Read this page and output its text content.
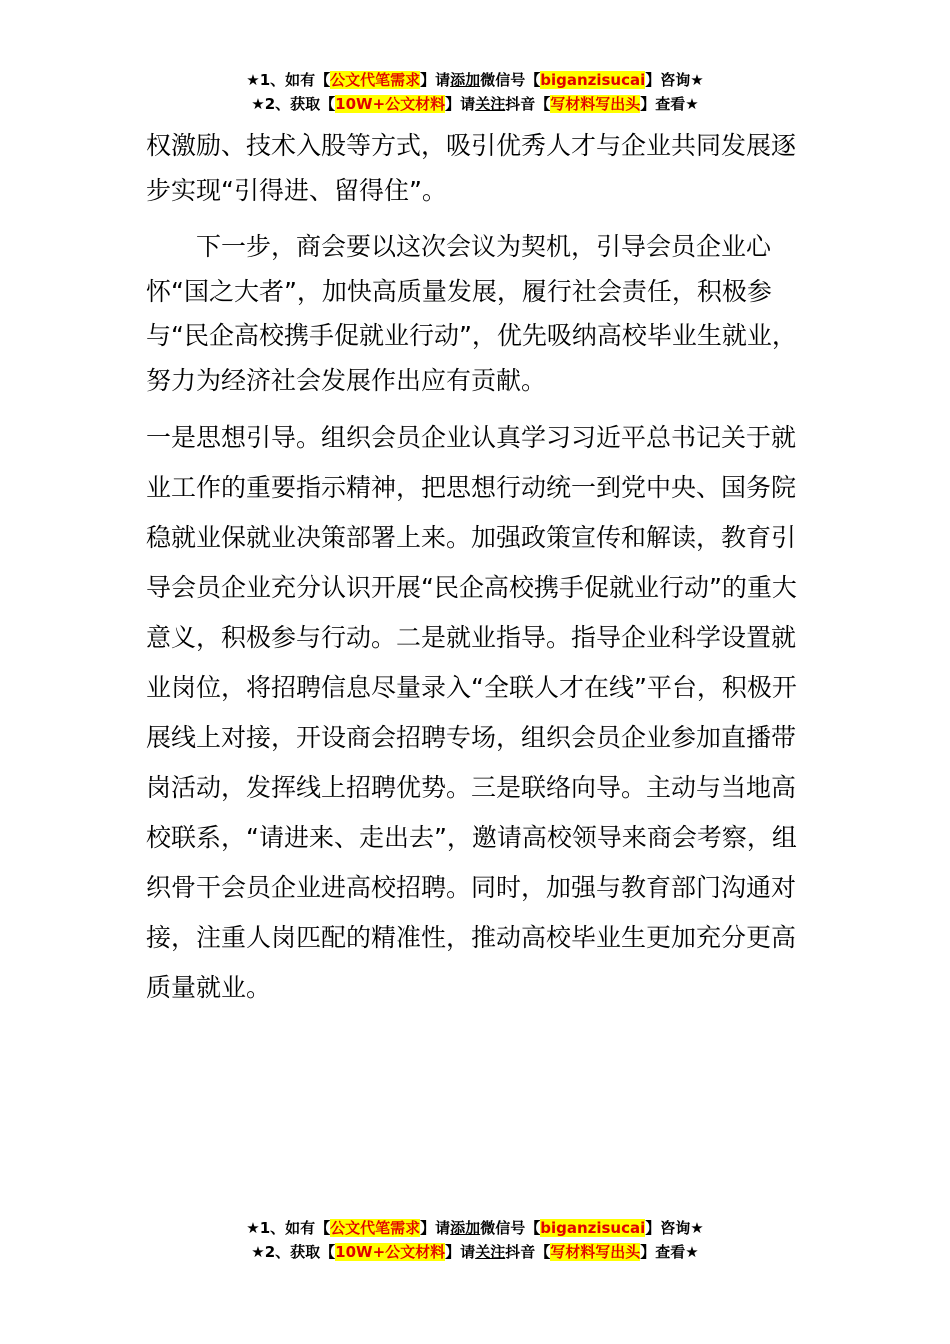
★1、如有【公文代笔需求】请添加微信号【biganzisucai】咨询★
★2、获取【10W+公文材料】请关注抖音【写材料写出头】查看★

权激励、技术入股等方式，吸引优秀人才与企业共同发展逐步实现“引得进、留得住”。

下一步，商会要以这次会议为契机，引导会员企业心怀“国之大者”，加快高质量发展，履行社会责任，积极参与“民企高校携手促就业行动”，优先吸纳高校毕业生就业，努力为经济社会发展作出应有贡献。

一是思想引导。组织会员企业认真学习习近平总书记关于就业工作的重要指示精神，把思想行动统一到党中央、国务院稳就业保就业决策部署上来。加强政策宣传和解读，教育引导会员企业充分认识开展“民企高校携手促就业行动”的重大意义，积极参与行动。二是就业指导。指导企业科学设置就业岗位，将招聘信息尽量录入“全联人才在线”平台，积极开展线上对接，开设商会招聘专场，组织会员企业参加直播带岗活动，发挥线上招聘优势。三是联络向导。主动与当地高校联系，“请进来、走出去”，邀请高校领导来商会考察，组织骨干会员企业进高校招聘。同时，加强与教育部门沟通对接，注重人岗匹配的精准性，推动高校毕业生更加充分更高质量就业。

★1、如有【公文代笔需求】请添加微信号【biganzisucai】咨询★
★2、获取【10W+公文材料】请关注抖音【写材料写出头】查看★
